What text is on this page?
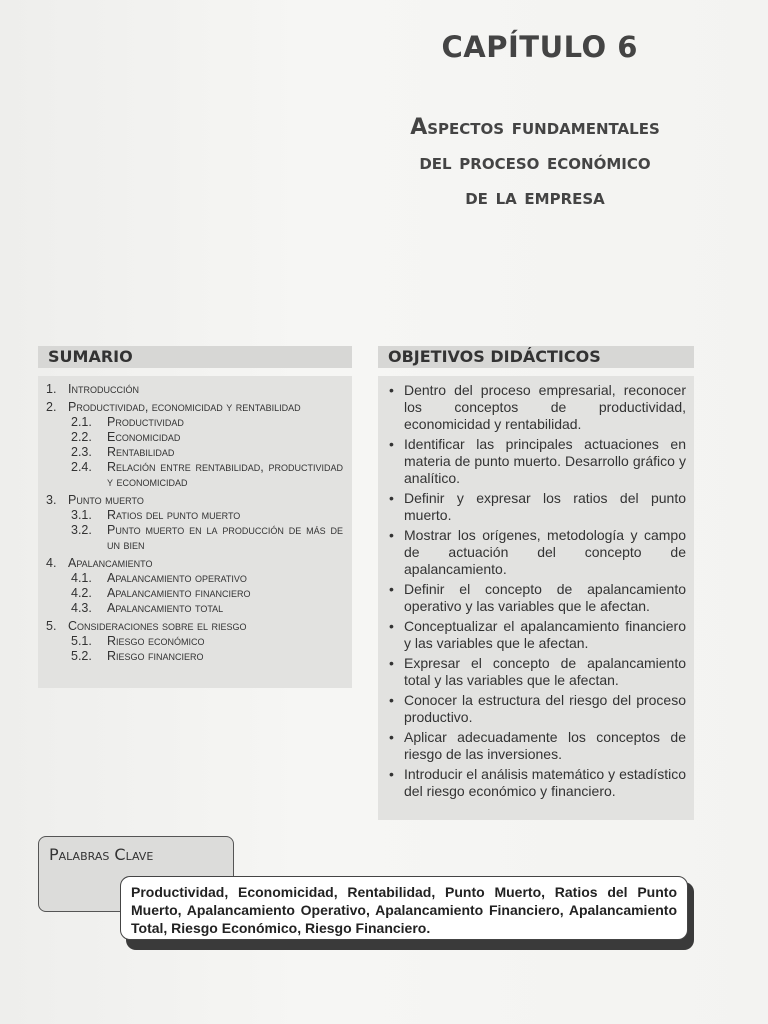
CAPÍTULO 6
Aspectos fundamentales
del proceso económico
de la empresa
SUMARIO
1. Introducción
2. Productividad, economicidad y rentabilidad
2.1. Productividad
2.2. Economicidad
2.3. Rentabilidad
2.4. Relación entre rentabilidad, productividad y economicidad
3. Punto muerto
3.1. Ratios del punto muerto
3.2. Punto muerto en la producción de más de un bien
4. Apalancamiento
4.1. Apalancamiento operativo
4.2. Apalancamiento financiero
4.3. Apalancamiento total
5. Consideraciones sobre el riesgo
5.1. Riesgo económico
5.2. Riesgo financiero
OBJETIVOS DIDÁCTICOS
• Dentro del proceso empresarial, reconocer los conceptos de productividad, economicidad y rentabilidad.
• Identificar las principales actuaciones en materia de punto muerto. Desarrollo gráfico y analítico.
• Definir y expresar los ratios del punto muerto.
• Mostrar los orígenes, metodología y campo de actuación del concepto de apalancamiento.
• Definir el concepto de apalancamiento operativo y las variables que le afectan.
• Conceptualizar el apalancamiento financiero y las variables que le afectan.
• Expresar el concepto de apalancamiento total y las variables que le afectan.
• Conocer la estructura del riesgo del proceso productivo.
• Aplicar adecuadamente los conceptos de riesgo de las inversiones.
• Introducir el análisis matemático y estadístico del riesgo económico y financiero.
Palabras Clave
Productividad, Economicidad, Rentabilidad, Punto Muerto, Ratios del Punto Muerto, Apalancamiento Operativo, Apalancamiento Financiero, Apalancamiento Total, Riesgo Económico, Riesgo Financiero.
